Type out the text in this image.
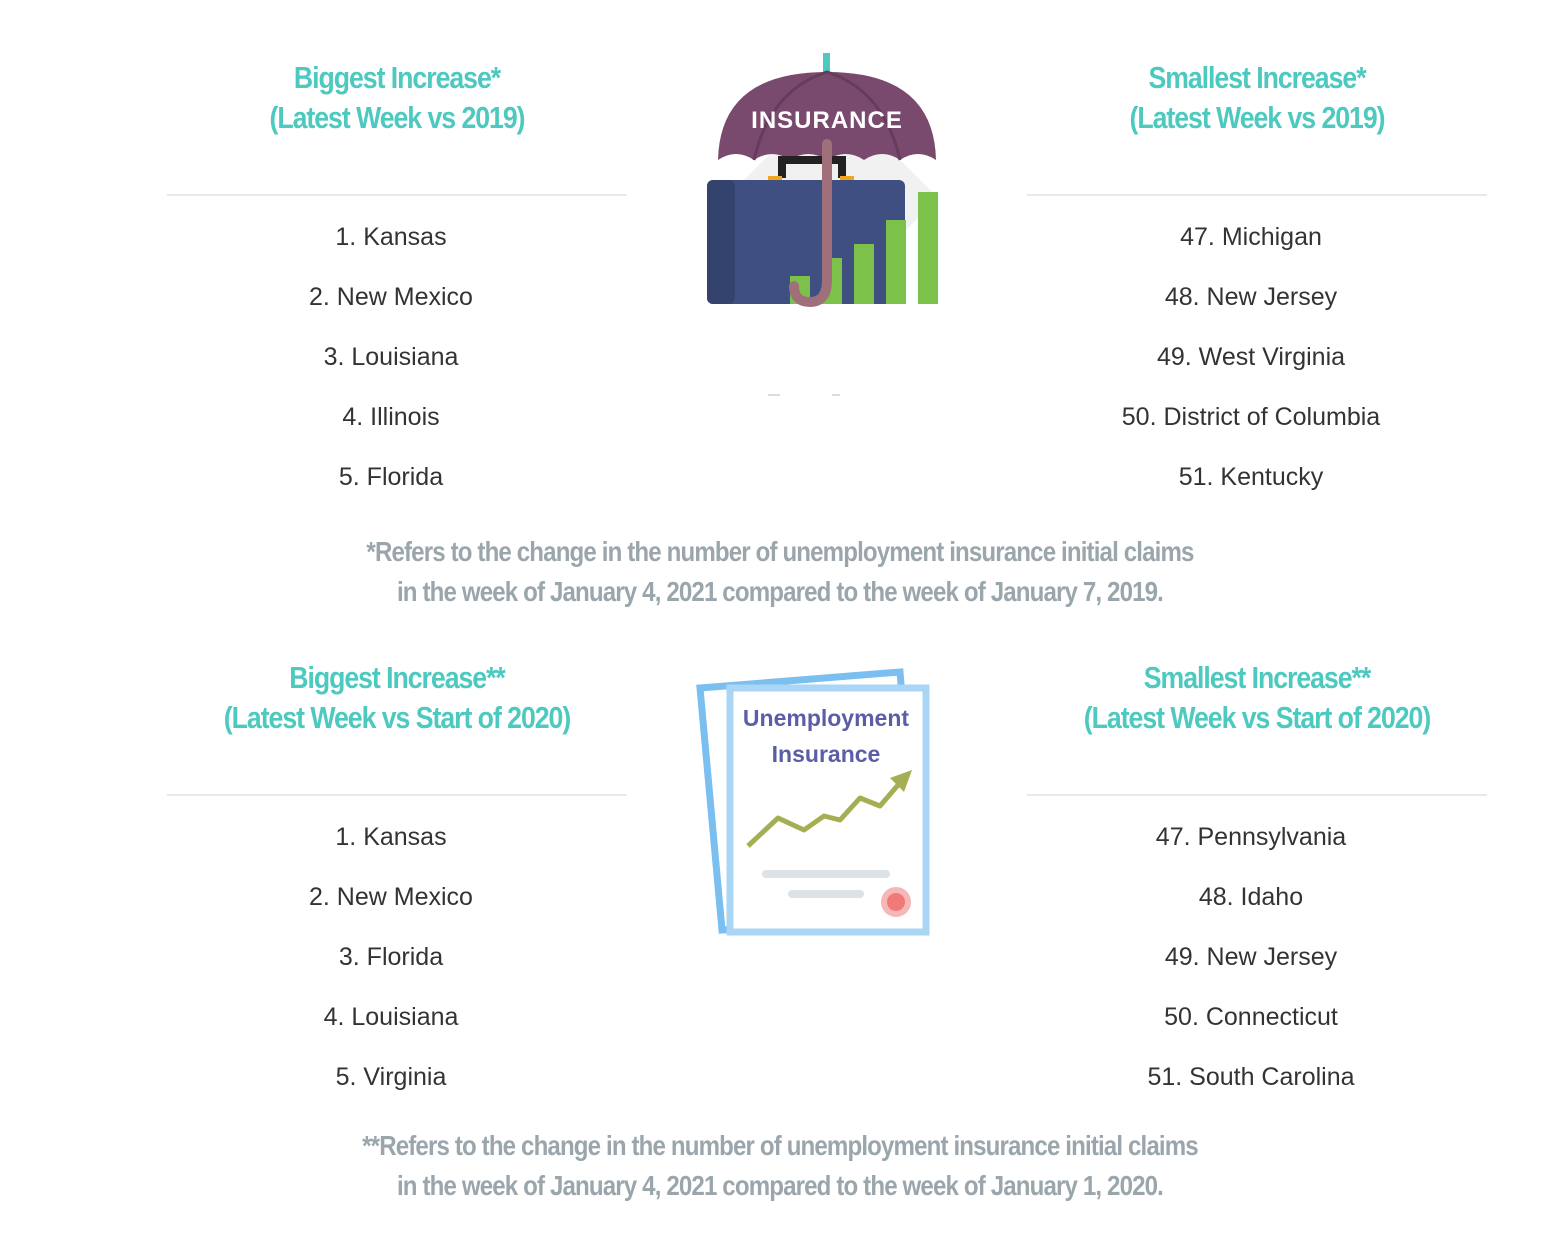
Biggest Increase*
(Latest Week vs 2019)
1. Kansas
2. New Mexico
3. Louisiana
4. Illinois
5. Florida
INSURANCE
Smallest Increase*
(Latest Week vs 2019)
47. Michigan
48. New Jersey
49. West Virginia
50. District of Columbia
51. Kentucky
*Refers to the change in the number of unemployment insurance initial claims
in the week of January 4, 2021 compared to the week of January 7, 2019.
Biggest Increase**
(Latest Week vs Start of 2020)
1. Kansas
2. New Mexico
3. Florida
4. Louisiana
5. Virginia
Unemployment
Insurance
Smallest Increase**
(Latest Week vs Start of 2020)
47. Pennsylvania
48. Idaho
49. New Jersey
50. Connecticut
51. South Carolina
**Refers to the change in the number of unemployment insurance initial claims
in the week of January 4, 2021 compared to the week of January 1, 2020.
